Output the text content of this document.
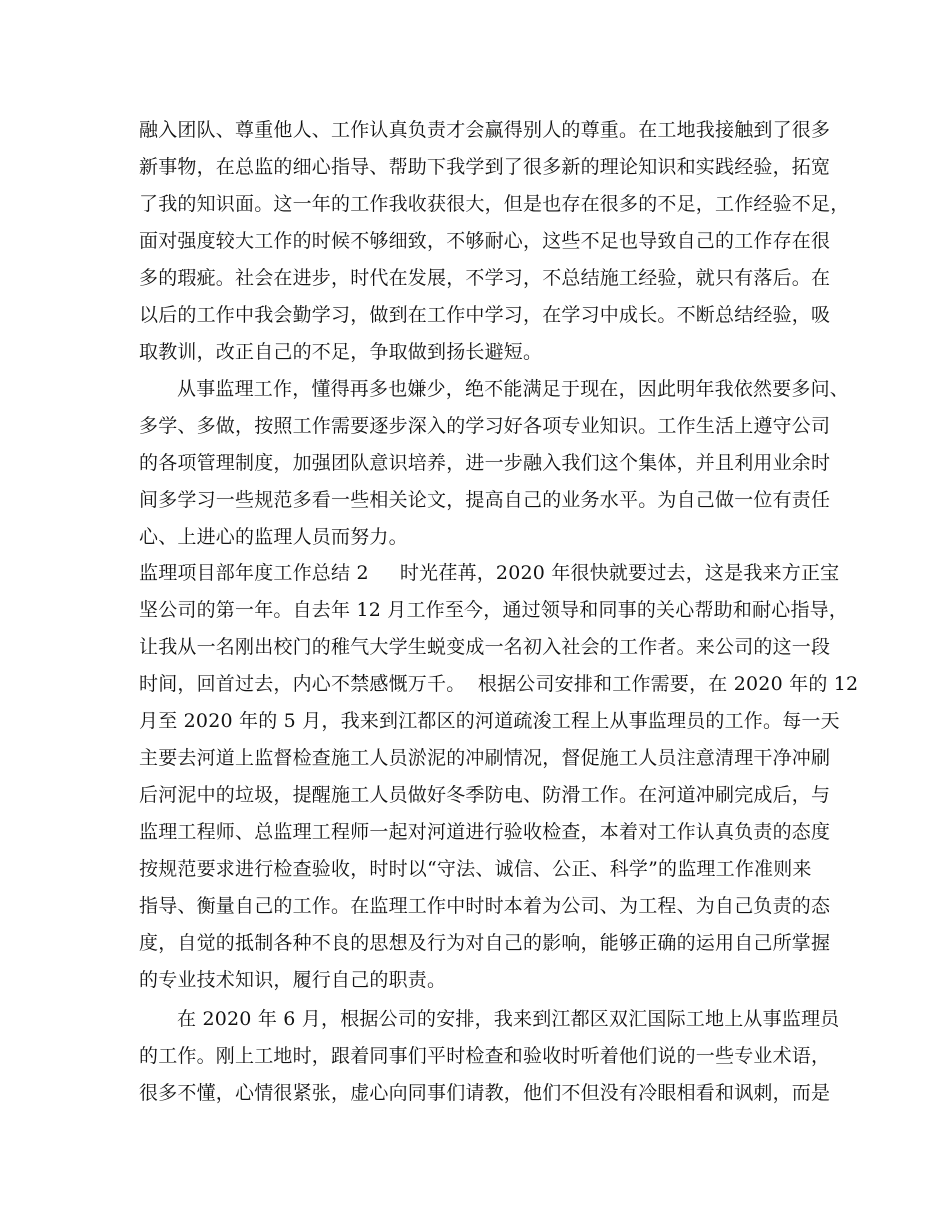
融入团队、尊重他人、工作认真负责才会赢得别人的尊重。在工地我接触到了很多
新事物，在总监的细心指导、帮助下我学到了很多新的理论知识和实践经验，拓宽
了我的知识面。这一年的工作我收获很大，但是也存在很多的不足，工作经验不足，
面对强度较大工作的时候不够细致，不够耐心，这些不足也导致自己的工作存在很
多的瑕疵。社会在进步，时代在发展，不学习，不总结施工经验，就只有落后。在
以后的工作中我会勤学习，做到在工作中学习，在学习中成长。不断总结经验，吸
取教训，改正自己的不足，争取做到扬长避短。
从事监理工作，懂得再多也嫌少，绝不能满足于现在，因此明年我依然要多问、
多学、多做，按照工作需要逐步深入的学习好各项专业知识。工作生活上遵守公司
的各项管理制度，加强团队意识培养，进一步融入我们这个集体，并且利用业余时
间多学习一些规范多看一些相关论文，提高自己的业务水平。为自己做一位有责任
心、上进心的监理人员而努力。
监理项目部年度工作总结 2     时光荏苒，2020 年很快就要过去，这是我来方正宝
坚公司的第一年。自去年 12 月工作至今，通过领导和同事的关心帮助和耐心指导，
让我从一名刚出校门的稚气大学生蜕变成一名初入社会的工作者。来公司的这一段
时间，回首过去，内心不禁感慨万千。  根据公司安排和工作需要，在 2020 年的 12
月至 2020 年的 5 月，我来到江都区的河道疏浚工程上从事监理员的工作。每一天
主要去河道上监督检查施工人员淤泥的冲刷情况，督促施工人员注意清理干净冲刷
后河泥中的垃圾，提醒施工人员做好冬季防电、防滑工作。在河道冲刷完成后，与
监理工程师、总监理工程师一起对河道进行验收检查，本着对工作认真负责的态度
按规范要求进行检查验收，时时以“守法、诚信、公正、科学”的监理工作准则来
指导、衡量自己的工作。在监理工作中时时本着为公司、为工程、为自己负责的态
度，自觉的抵制各种不良的思想及行为对自己的影响，能够正确的运用自己所掌握
的专业技术知识，履行自己的职责。
在 2020 年 6 月，根据公司的安排，我来到江都区双汇国际工地上从事监理员
的工作。刚上工地时，跟着同事们平时检查和验收时听着他们说的一些专业术语，
很多不懂，心情很紧张，虚心向同事们请教，他们不但没有冷眼相看和讽刺，而是
